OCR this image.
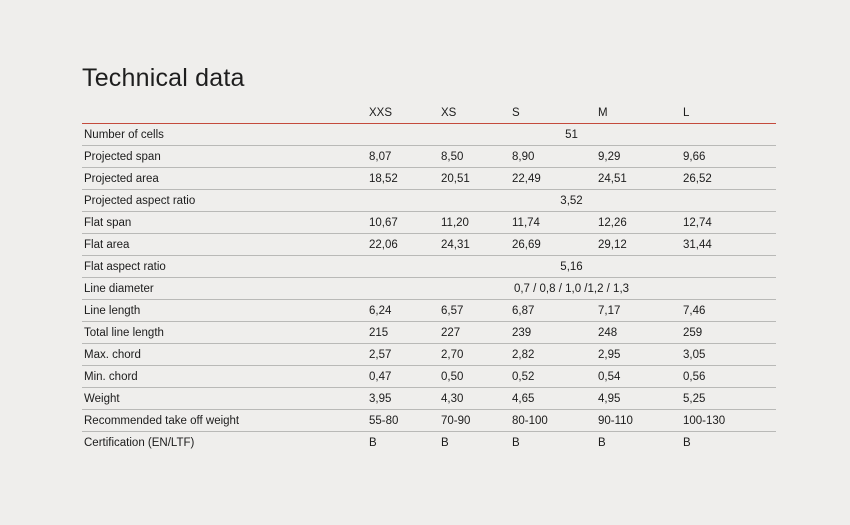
Technical data
	XXS	XS	S	M	L
Number of cells	51				
Projected span	8,07	8,50	8,90	9,29	9,66
Projected area	18,52	20,51	22,49	24,51	26,52
Projected aspect ratio	3,52				
Flat span	10,67	11,20	11,74	12,26	12,74
Flat area	22,06	24,31	26,69	29,12	31,44
Flat aspect ratio	5,16				
Line diameter	0,7 / 0,8 / 1,0 /1,2 / 1,3				
Line length	6,24	6,57	6,87	7,17	7,46
Total line length	215	227	239	248	259
Max. chord	2,57	2,70	2,82	2,95	3,05
Min. chord	0,47	0,50	0,52	0,54	0,56
Weight	3,95	4,30	4,65	4,95	5,25
Recommended take off weight	55-80	70-90	80-100	90-110	100-130
Certification (EN/LTF)	B	B	B	B	B
